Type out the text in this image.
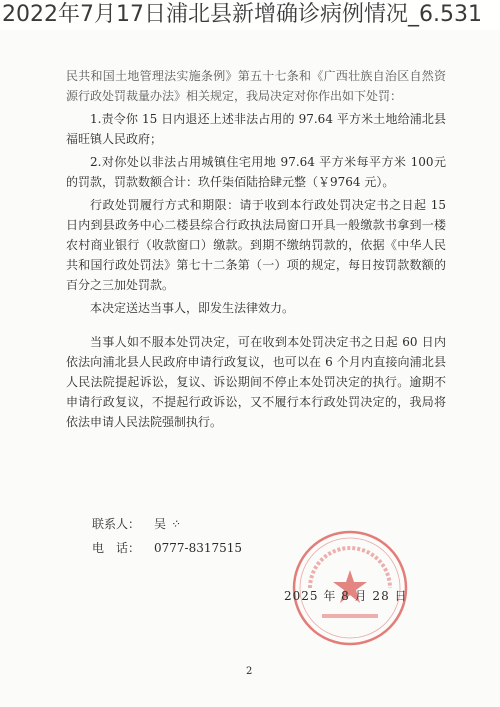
民共和国土地管理法实施条例》第五十七条和《广西壮族自治区自然资源行政处罚裁量办法》相关规定，我局决定对你作出如下处罚：

1.责令你 15 日内退还上述非法占用的 97.64 平方米土地给浦北县福旺镇人民政府；

2.对你处以非法占用城镇住宅用地 97.64 平方米每平方米 100元的罚款，罚款数额合计：玖仟柒佰陆拾肆元整（￥9764 元）。

行政处罚履行方式和期限：请于收到本行政处罚决定书之日起 15 日内到县政务中心二楼县综合行政执法局窗口开具一般缴款书拿到一楼农村商业银行（收款窗口）缴款。到期不缴纳罚款的，依据《中华人民共和国行政处罚法》第七十二条第（一）项的规定，每日按罚款数额的百分之三加处罚款。

本决定送达当事人，即发生法律效力。

当事人如不服本处罚决定，可在收到本处罚决定书之日起 60 日内依法向浦北县人民政府申请行政复议，也可以在 6 个月内直接向浦北县人民法院提起诉讼，复议、诉讼期间不停止本处罚决定的执行。逾期不申请行政复议，不提起行政诉讼，又不履行本行政处罚决定的，我局将依法申请人民法院强制执行。

联系人：	吴 ⁘
电　话：	0777-8317515
2025 年 8 月 28 日
2
2022年7月17日浦北县新增确诊病例情况_6.531
